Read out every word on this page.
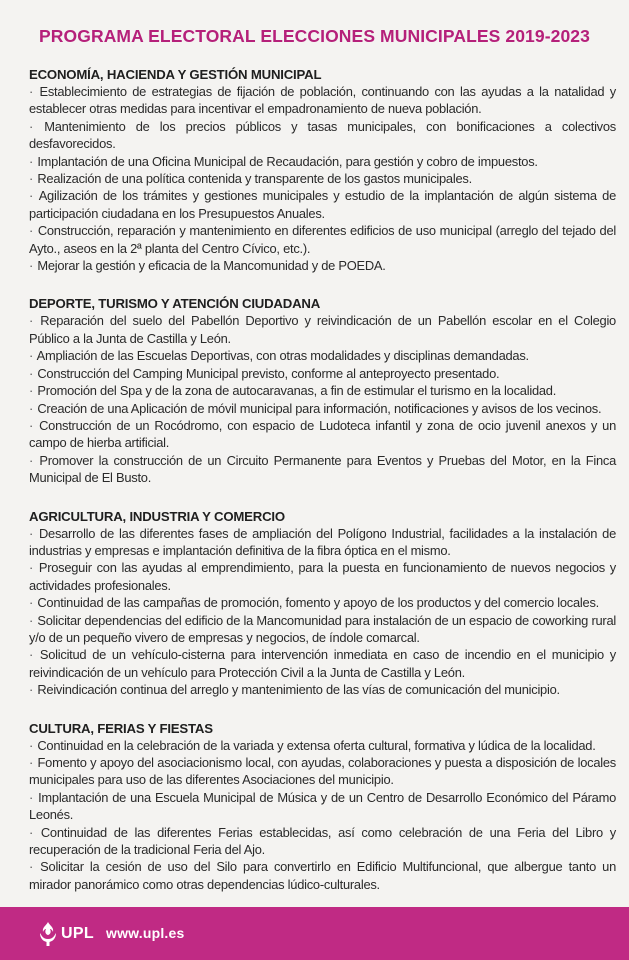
PROGRAMA ELECTORAL ELECCIONES MUNICIPALES 2019-2023
ECONOMÍA, HACIENDA Y GESTIÓN MUNICIPAL
· Establecimiento de estrategias de fijación de población, continuando con las ayudas a la natalidad y establecer otras medidas para incentivar el empadronamiento de nueva población.
· Mantenimiento de los precios públicos y tasas municipales, con bonificaciones a colectivos desfavorecidos.
· Implantación de una Oficina Municipal de Recaudación, para gestión y cobro de impuestos.
· Realización de una política contenida y transparente de los gastos municipales.
· Agilización de los trámites y gestiones municipales y estudio de la implantación de algún sistema de participación ciudadana en los Presupuestos Anuales.
· Construcción, reparación y mantenimiento en diferentes edificios de uso municipal (arreglo del tejado del Ayto., aseos en la 2ª planta del Centro Cívico, etc.).
· Mejorar la gestión y eficacia de la Mancomunidad y de POEDA.
DEPORTE, TURISMO Y ATENCIÓN CIUDADANA
· Reparación del suelo del Pabellón Deportivo y reivindicación de un Pabellón escolar en el Colegio Público a la Junta de Castilla y León.
· Ampliación de las Escuelas Deportivas, con otras modalidades y disciplinas demandadas.
· Construcción del Camping Municipal previsto, conforme al anteproyecto presentado.
· Promoción del Spa y de la zona de autocaravanas, a fin de estimular el turismo en la localidad.
· Creación de una Aplicación de móvil municipal para información, notificaciones y avisos de los vecinos.
· Construcción de un Rocódromo, con espacio de Ludoteca infantil y zona de ocio juvenil anexos y un campo de hierba artificial.
· Promover la construcción de un Circuito Permanente para Eventos y Pruebas del Motor, en la Finca Municipal de El Busto.
AGRICULTURA, INDUSTRIA Y COMERCIO
· Desarrollo de las diferentes fases de ampliación del Polígono Industrial, facilidades a la instalación de industrias y empresas e implantación definitiva de la fibra óptica en el mismo.
· Proseguir con las ayudas al emprendimiento, para la puesta en funcionamiento de nuevos negocios y actividades profesionales.
· Continuidad de las campañas de promoción, fomento y apoyo de los productos y del comercio locales.
· Solicitar dependencias del edificio de la Mancomunidad para instalación de un espacio de coworking rural y/o de un pequeño vivero de empresas y negocios, de índole comarcal.
· Solicitud de un vehículo-cisterna para intervención inmediata en caso de incendio en el municipio y reivindicación de un vehículo para Protección Civil a la Junta de Castilla y León.
· Reivindicación continua del arreglo y mantenimiento de las vías de comunicación del municipio.
CULTURA, FERIAS Y FIESTAS
· Continuidad en la celebración de la variada y extensa oferta cultural, formativa y lúdica de la localidad.
· Fomento y apoyo del asociacionismo local, con ayudas, colaboraciones y puesta a disposición de locales municipales para uso de las diferentes Asociaciones del municipio.
· Implantación de una Escuela Municipal de Música y de un Centro de Desarrollo Económico del Páramo Leonés.
· Continuidad de las diferentes Ferias establecidas, así como celebración de una Feria del Libro y recuperación de la tradicional Feria del Ajo.
· Solicitar la cesión de uso del Silo para convertirlo en Edificio Multifuncional, que albergue tanto un mirador panorámico como otras dependencias lúdico-culturales.
UPL www.upl.es
